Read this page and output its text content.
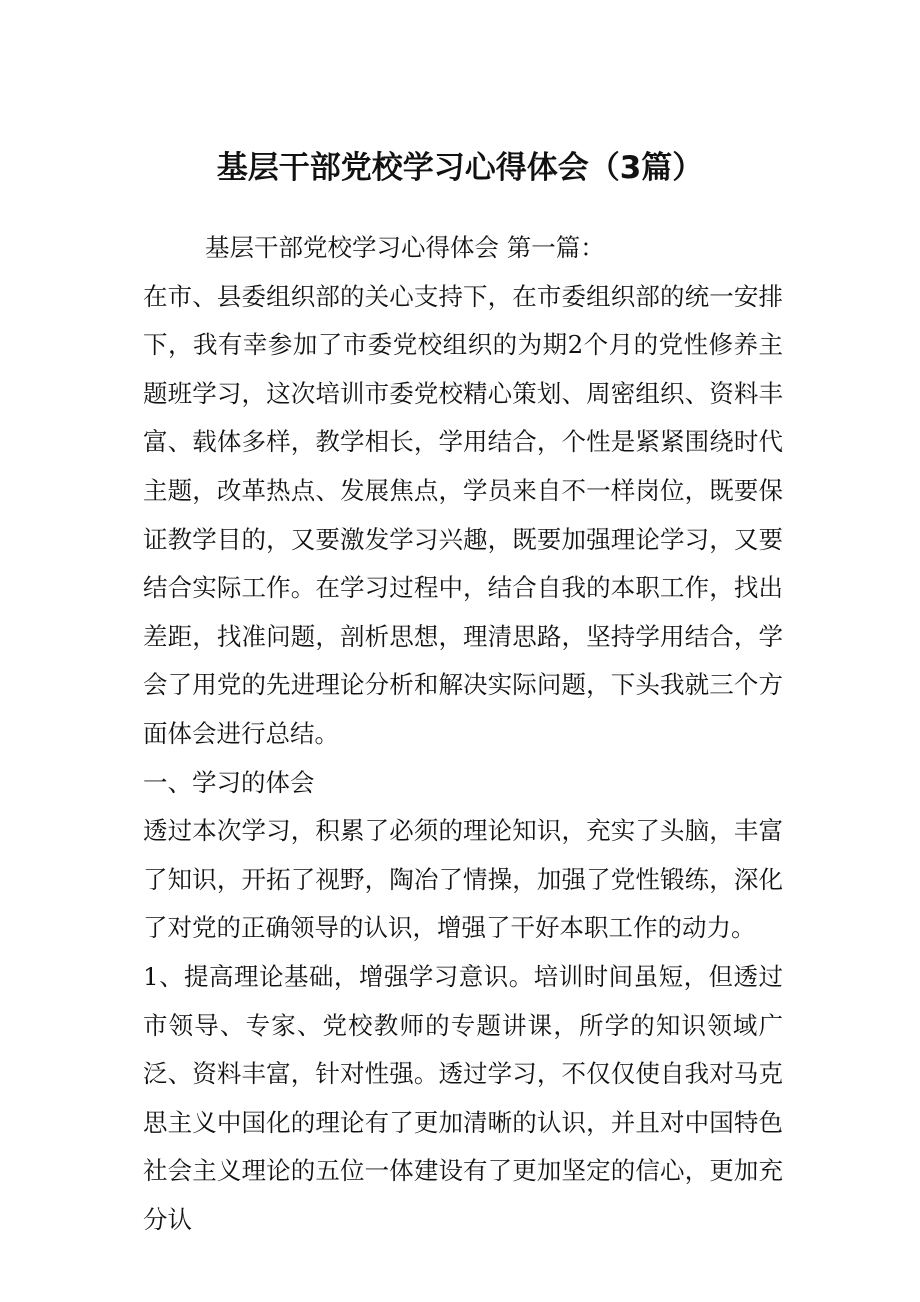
基层干部党校学习心得体会（3篇）

基层干部党校学习心得体会 第一篇：

在市、县委组织部的关心支持下，在市委组织部的统一安排下，我有幸参加了市委党校组织的为期2个月的党性修养主题班学习，这次培训市委党校精心策划、周密组织、资料丰富、载体多样，教学相长，学用结合，个性是紧紧围绕时代主题，改革热点、发展焦点，学员来自不一样岗位，既要保证教学目的，又要激发学习兴趣，既要加强理论学习，又要结合实际工作。在学习过程中，结合自我的本职工作，找出差距，找准问题，剖析思想，理清思路，坚持学用结合，学会了用党的先进理论分析和解决实际问题，下头我就三个方面体会进行总结。

一、学习的体会

透过本次学习，积累了必须的理论知识，充实了头脑，丰富了知识，开拓了视野，陶冶了情操，加强了党性锻练，深化了对党的正确领导的认识，增强了干好本职工作的动力。

1、提高理论基础，增强学习意识。培训时间虽短，但透过市领导、专家、党校教师的专题讲课，所学的知识领域广泛、资料丰富，针对性强。透过学习，不仅仅使自我对马克思主义中国化的理论有了更加清晰的认识，并且对中国特色社会主义理论的五位一体建设有了更加坚定的信心，更加充分认
